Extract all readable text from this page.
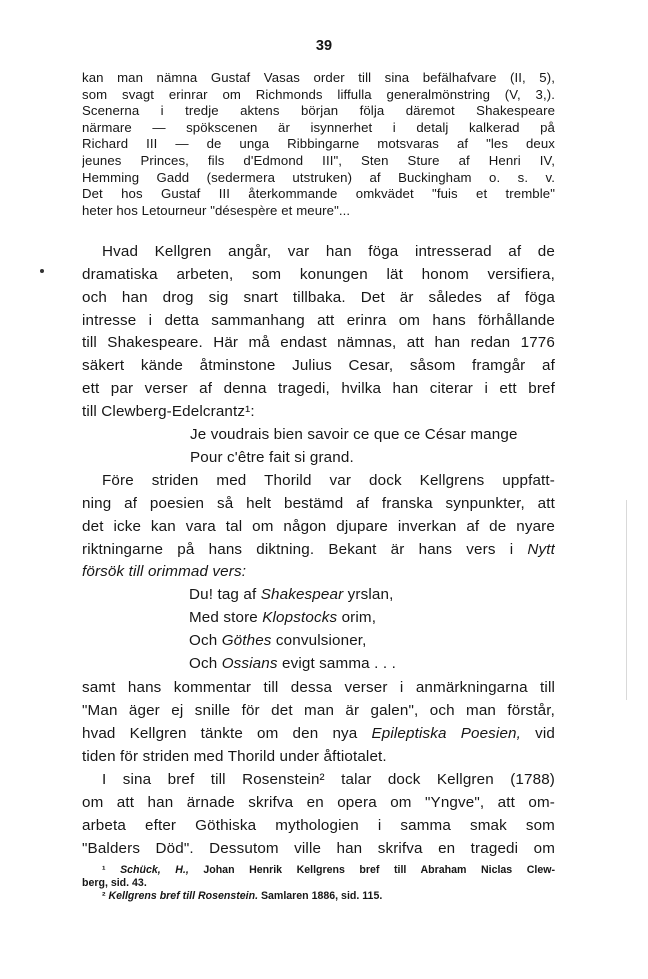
39
kan man nämna Gustaf Vasas order till sina befälhafvare (II, 5),
som svagt erinrar om Richmonds liffulla generalmönstring (V, 3,).
Scenerna i tredje aktens början följa däremot Shakespeare
närmare — spökscenen är isynnerhet i detalj kalkerad på
Richard III — de unga Ribbingarne motsvaras af "les deux
jeunes Princes, fils d'Edmond III", Sten Sture af Henri IV,
Hemming Gadd (sedermera utstruken) af Buckingham o. s. v.
Det hos Gustaf III återkommande omkvädet "fuis et tremble"
heter hos Letourneur "désespère et meure"...
Hvad Kellgren angår, var han föga intresserad af de
dramatiska arbeten, som konungen lät honom versifiera,
och han drog sig snart tillbaka. Det är således af föga
intresse i detta sammanhang att erinra om hans förhållande
till Shakespeare. Här må endast nämnas, att han redan 1776
säkert kände åtminstone Julius Cesar, såsom framgår af
ett par verser af denna tragedi, hvilka han citerar i ett bref
till Clewberg-Edelcrantz¹:
Je voudrais bien savoir ce que ce César mange
Pour c'être fait si grand.
Före striden med Thorild var dock Kellgrens uppfatt-
ning af poesien så helt bestämd af franska synpunkter, att
det icke kan vara tal om någon djupare inverkan af de nyare
riktningarne på hans diktning. Bekant är hans vers i Nytt
försök till orimmad vers:
Du! tag af Shakespear yrslan,
Med store Klopstocks orim,
Och Göthes convulsioner,
Och Ossians evigt samma . . .
samt hans kommentar till dessa verser i anmärkningarna till
"Man äger ej snille för det man är galen", och man förstår,
hvad Kellgren tänkte om den nya Epileptiska Poesien, vid
tiden för striden med Thorild under åftiotalet.
I sina bref till Rosenstein² talar dock Kellgren (1788)
om att han ärnade skrifva en opera om "Yngve", att om-
arbeta efter Göthiska mythologien i samma smak som
"Balders Död". Dessutom ville han skrifva en tragedi om
¹ Schück, H., Johan Henrik Kellgrens bref till Abraham Niclas Clew-
berg, sid. 43.
² Kellgrens bref till Rosenstein. Samlaren 1886, sid. 115.
